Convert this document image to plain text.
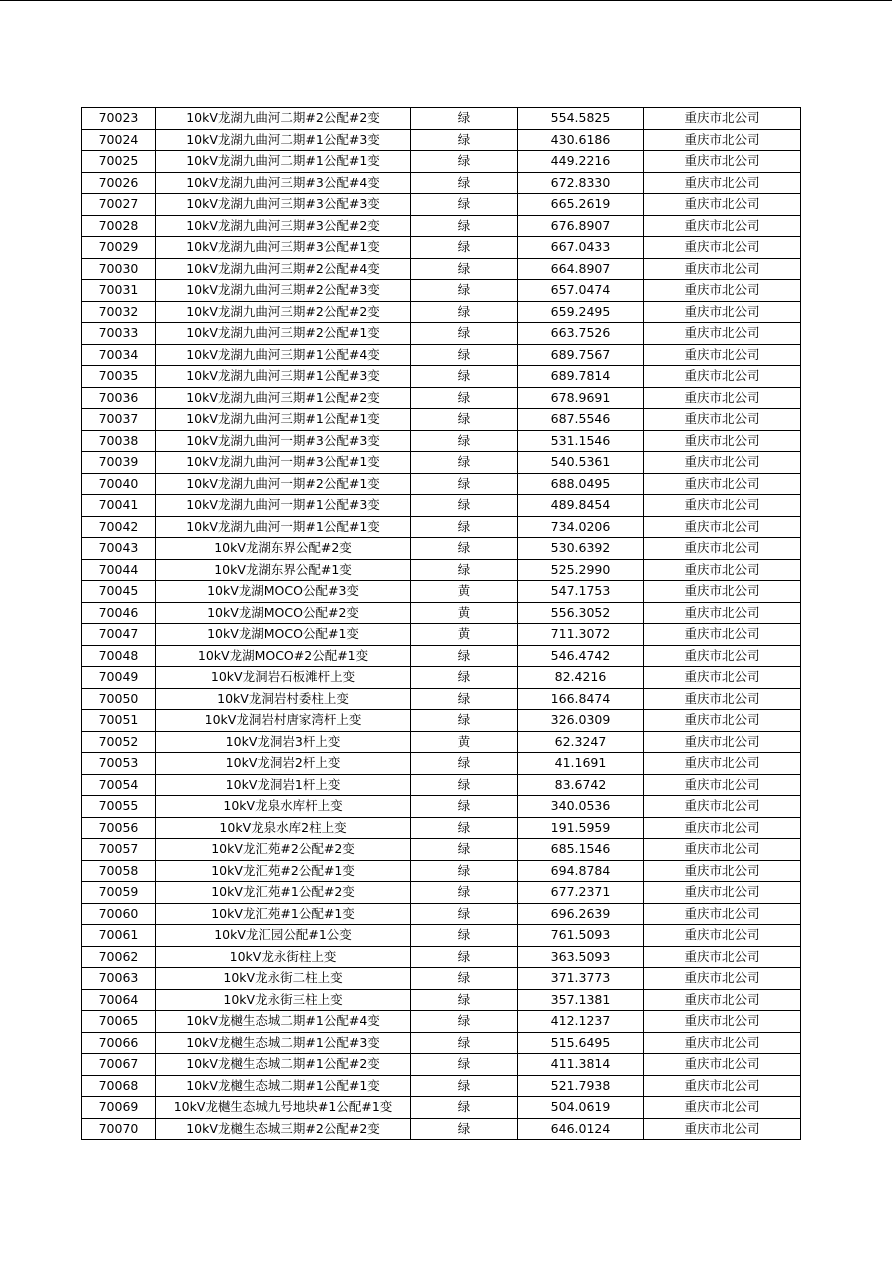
70023	10kV龙湖九曲河二期#2公配#2变	绿	554.5825	重庆市北公司
70024	10kV龙湖九曲河二期#1公配#3变	绿	430.6186	重庆市北公司
70025	10kV龙湖九曲河二期#1公配#1变	绿	449.2216	重庆市北公司
70026	10kV龙湖九曲河三期#3公配#4变	绿	672.8330	重庆市北公司
70027	10kV龙湖九曲河三期#3公配#3变	绿	665.2619	重庆市北公司
70028	10kV龙湖九曲河三期#3公配#2变	绿	676.8907	重庆市北公司
70029	10kV龙湖九曲河三期#3公配#1变	绿	667.0433	重庆市北公司
70030	10kV龙湖九曲河三期#2公配#4变	绿	664.8907	重庆市北公司
70031	10kV龙湖九曲河三期#2公配#3变	绿	657.0474	重庆市北公司
70032	10kV龙湖九曲河三期#2公配#2变	绿	659.2495	重庆市北公司
70033	10kV龙湖九曲河三期#2公配#1变	绿	663.7526	重庆市北公司
70034	10kV龙湖九曲河三期#1公配#4变	绿	689.7567	重庆市北公司
70035	10kV龙湖九曲河三期#1公配#3变	绿	689.7814	重庆市北公司
70036	10kV龙湖九曲河三期#1公配#2变	绿	678.9691	重庆市北公司
70037	10kV龙湖九曲河三期#1公配#1变	绿	687.5546	重庆市北公司
70038	10kV龙湖九曲河一期#3公配#3变	绿	531.1546	重庆市北公司
70039	10kV龙湖九曲河一期#3公配#1变	绿	540.5361	重庆市北公司
70040	10kV龙湖九曲河一期#2公配#1变	绿	688.0495	重庆市北公司
70041	10kV龙湖九曲河一期#1公配#3变	绿	489.8454	重庆市北公司
70042	10kV龙湖九曲河一期#1公配#1变	绿	734.0206	重庆市北公司
70043	10kV龙湖东界公配#2变	绿	530.6392	重庆市北公司
70044	10kV龙湖东界公配#1变	绿	525.2990	重庆市北公司
70045	10kV龙湖MOCO公配#3变	黄	547.1753	重庆市北公司
70046	10kV龙湖MOCO公配#2变	黄	556.3052	重庆市北公司
70047	10kV龙湖MOCO公配#1变	黄	711.3072	重庆市北公司
70048	10kV龙湖MOCO#2公配#1变	绿	546.4742	重庆市北公司
70049	10kV龙洞岩石板滩杆上变	绿	82.4216	重庆市北公司
70050	10kV龙洞岩村委柱上变	绿	166.8474	重庆市北公司
70051	10kV龙洞岩村唐家湾杆上变	绿	326.0309	重庆市北公司
70052	10kV龙洞岩3杆上变	黄	62.3247	重庆市北公司
70053	10kV龙洞岩2杆上变	绿	41.1691	重庆市北公司
70054	10kV龙洞岩1杆上变	绿	83.6742	重庆市北公司
70055	10kV龙泉水库杆上变	绿	340.0536	重庆市北公司
70056	10kV龙泉水库2柱上变	绿	191.5959	重庆市北公司
70057	10kV龙汇苑#2公配#2变	绿	685.1546	重庆市北公司
70058	10kV龙汇苑#2公配#1变	绿	694.8784	重庆市北公司
70059	10kV龙汇苑#1公配#2变	绿	677.2371	重庆市北公司
70060	10kV龙汇苑#1公配#1变	绿	696.2639	重庆市北公司
70061	10kV龙汇园公配#1公变	绿	761.5093	重庆市北公司
70062	10kV龙永街柱上变	绿	363.5093	重庆市北公司
70063	10kV龙永街二柱上变	绿	371.3773	重庆市北公司
70064	10kV龙永街三柱上变	绿	357.1381	重庆市北公司
70065	10kV龙樾生态城二期#1公配#4变	绿	412.1237	重庆市北公司
70066	10kV龙樾生态城二期#1公配#3变	绿	515.6495	重庆市北公司
70067	10kV龙樾生态城二期#1公配#2变	绿	411.3814	重庆市北公司
70068	10kV龙樾生态城二期#1公配#1变	绿	521.7938	重庆市北公司
70069	10kV龙樾生态城九号地块#1公配#1变	绿	504.0619	重庆市北公司
70070	10kV龙樾生态城三期#2公配#2变	绿	646.0124	重庆市北公司
